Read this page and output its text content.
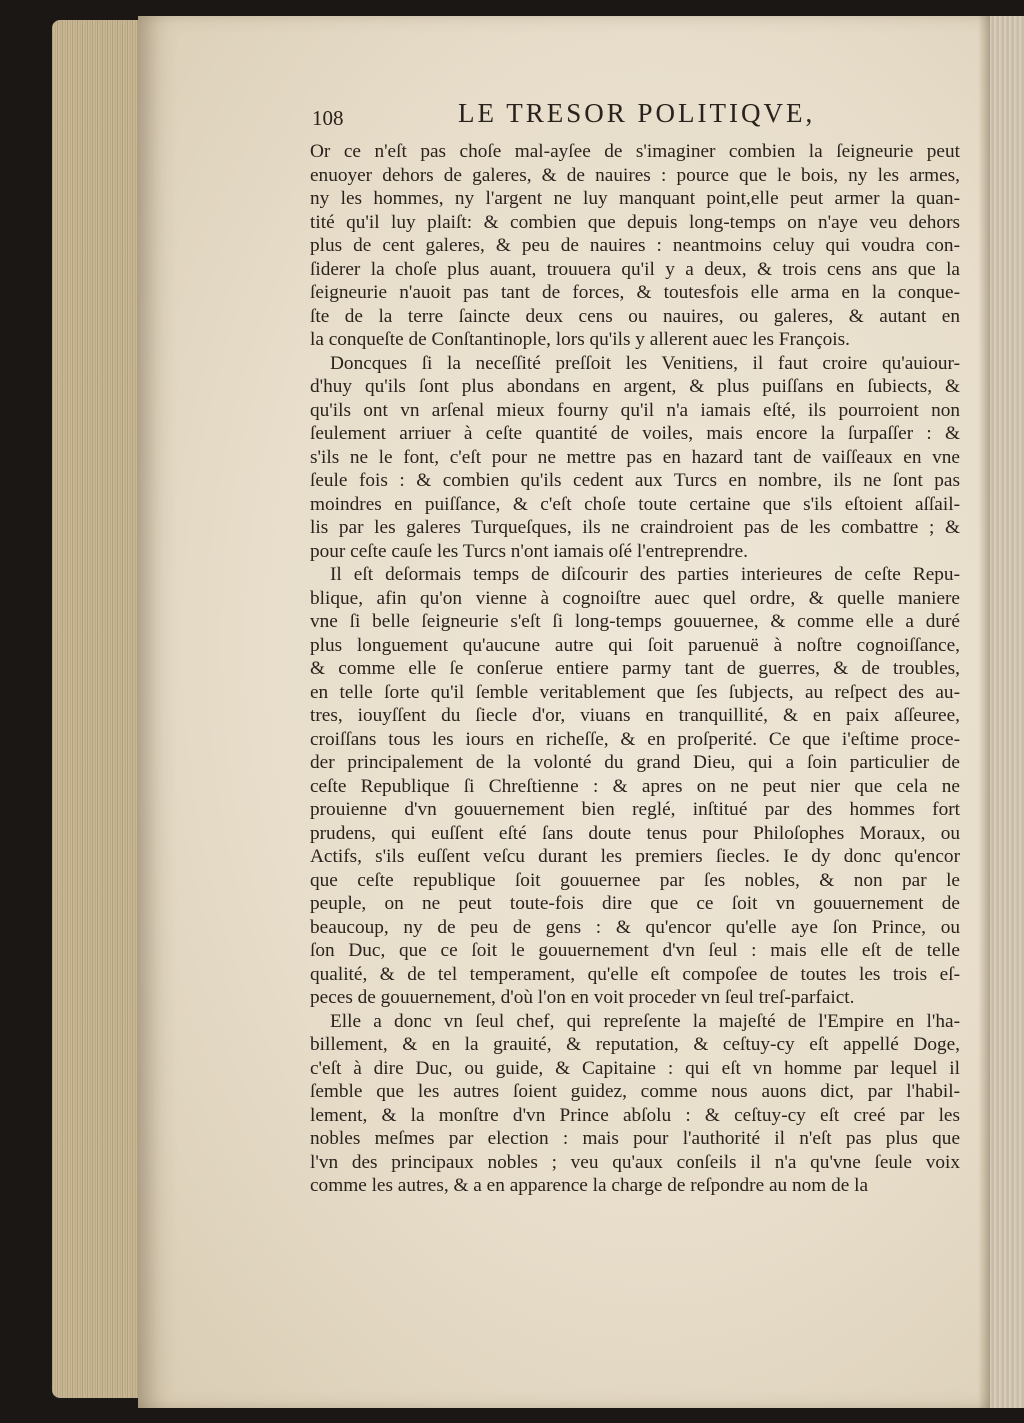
108	LE TRESOR POLITIQVE,
Or ce n'eſt pas choſe mal-ayſee de s'imaginer combien la ſeigneurie peut
enuoyer dehors de galeres, & de nauires : pource que le bois, ny les armes,
ny les hommes, ny l'argent ne luy manquant point,elle peut armer la quan-
tité qu'il luy plaiſt: & combien que depuis long-temps on n'aye veu dehors
plus de cent galeres, & peu de nauires : neantmoins celuy qui voudra con-
ſiderer la choſe plus auant, trouuera qu'il y a deux, & trois cens ans que la
ſeigneurie n'auoit pas tant de forces, & toutesfois elle arma en la conque-
ſte de la terre ſaincte deux cens ou nauires, ou galeres, & autant en
la conqueſte de Conſtantinople, lors qu'ils y allerent auec les François.
Doncques ſi la neceſſité preſſoit les Venitiens, il faut croire qu'auiour-
d'huy qu'ils ſont plus abondans en argent, & plus puiſſans en ſubiects, &
qu'ils ont vn arſenal mieux fourny qu'il n'a iamais eſté, ils pourroient non
ſeulement arriuer à ceſte quantité de voiles, mais encore la ſurpaſſer : &
s'ils ne le font, c'eſt pour ne mettre pas en hazard tant de vaiſſeaux en vne
ſeule fois : & combien qu'ils cedent aux Turcs en nombre, ils ne ſont pas
moindres en puiſſance, & c'eſt choſe toute certaine que s'ils eſtoient aſſail-
lis par les galeres Turqueſques, ils ne craindroient pas de les combattre ; &
pour ceſte cauſe les Turcs n'ont iamais oſé l'entreprendre.
Il eſt deſormais temps de diſcourir des parties interieures de ceſte Repu-
blique, afin qu'on vienne à cognoiſtre auec quel ordre, & quelle maniere
vne ſi belle ſeigneurie s'eſt ſi long-temps gouuernee, & comme elle a duré
plus longuement qu'aucune autre qui ſoit paruenuë à noſtre cognoiſſance,
& comme elle ſe conſerue entiere parmy tant de guerres, & de troubles,
en telle ſorte qu'il ſemble veritablement que ſes ſubjects, au reſpect des au-
tres, iouyſſent du ſiecle d'or, viuans en tranquillité, & en paix aſſeuree,
croiſſans tous les iours en richeſſe, & en proſperité. Ce que i'eſtime proce-
der principalement de la volonté du grand Dieu, qui a ſoin particulier de
ceſte Republique ſi Chreſtienne : & apres on ne peut nier que cela ne
prouienne d'vn gouuernement bien reglé, inſtitué par des hommes fort
prudens, qui euſſent eſté ſans doute tenus pour Philoſophes Moraux, ou
Actifs, s'ils euſſent veſcu durant les premiers ſiecles. Ie dy donc qu'encor
que ceſte republique ſoit gouuernee par ſes nobles, & non par le
peuple, on ne peut toute-fois dire que ce ſoit vn gouuernement de
beaucoup, ny de peu de gens : & qu'encor qu'elle aye ſon Prince, ou
ſon Duc, que ce ſoit le gouuernement d'vn ſeul : mais elle eſt de telle
qualité, & de tel temperament, qu'elle eſt compoſee de toutes les trois eſ-
peces de gouuernement, d'où l'on en voit proceder vn ſeul treſ-parfaict.
Elle a donc vn ſeul chef, qui repreſente la majeſté de l'Empire en l'ha-
billement, & en la grauité, & reputation, & ceſtuy-cy eſt appellé Doge,
c'eſt à dire Duc, ou guide, & Capitaine : qui eſt vn homme par lequel il
ſemble que les autres ſoient guidez, comme nous auons dict, par l'habil-
lement, & la monſtre d'vn Prince abſolu : & ceſtuy-cy eſt creé par les
nobles meſmes par election : mais pour l'authorité il n'eſt pas plus que
l'vn des principaux nobles ; veu qu'aux conſeils il n'a qu'vne ſeule voix
comme les autres, & a en apparence la charge de reſpondre au nom de la
